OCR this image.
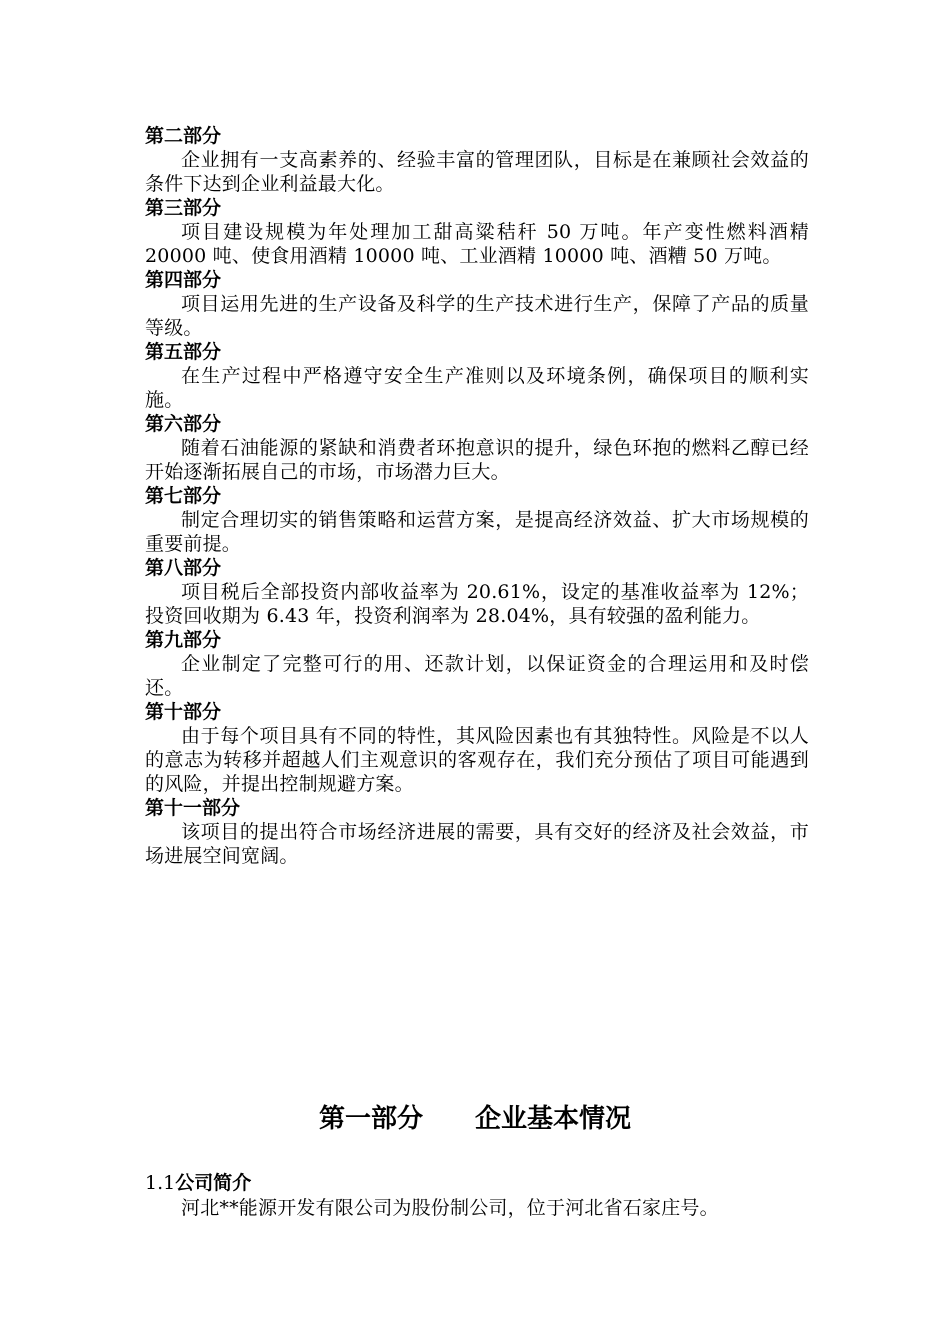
第二部分

企业拥有一支高素养的、经验丰富的管理团队，目标是在兼顾社会效益的条件下达到企业利益最大化。

第三部分

项目建设规模为年处理加工甜高粱秸秆 50 万吨。年产变性燃料酒精 20000 吨、使食用酒精 10000 吨、工业酒精 10000 吨、酒糟 50 万吨。

第四部分

项目运用先进的生产设备及科学的生产技术进行生产，保障了产品的质量等级。

第五部分

在生产过程中严格遵守安全生产准则以及环境条例，确保项目的顺利实施。

第六部分

随着石油能源的紧缺和消费者环抱意识的提升，绿色环抱的燃料乙醇已经开始逐渐拓展自己的市场，市场潜力巨大。

第七部分

制定合理切实的销售策略和运营方案，是提高经济效益、扩大市场规模的重要前提。

第八部分

项目税后全部投资内部收益率为 20.61%，设定的基准收益率为 12%；投资回收期为 6.43 年，投资利润率为 28.04%，具有较强的盈利能力。

第九部分

企业制定了完整可行的用、还款计划，以保证资金的合理运用和及时偿还。

第十部分

由于每个项目具有不同的特性，其风险因素也有其独特性。风险是不以人的意志为转移并超越人们主观意识的客观存在，我们充分预估了项目可能遇到的风险，并提出控制规避方案。

第十一部分

该项目的提出符合市场经济进展的需要，具有交好的经济及社会效益，市场进展空间宽阔。

第一部分　　企业基本情况

1.1公司简介

河北**能源开发有限公司为股份制公司，位于河北省石家庄号。
